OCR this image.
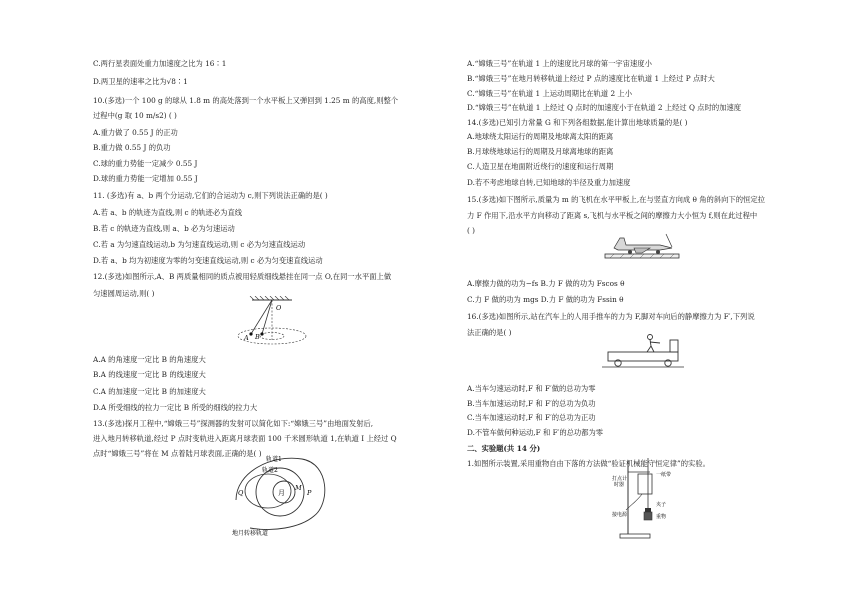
C.两行星表面处重力加速度之比为 16∶1
D.两卫星的速率之比为√8∶1
10.(多选)一个 100 g 的球从 1.8 m 的高处落到一个水平板上又弹回到 1.25 m 的高度,则整个
过程中(g 取 10 m/s2) ( )
A.重力做了 0.55 J 的正功
B.重力做 0.55 J 的负功
C.球的重力势能一定减少 0.55 J
D.球的重力势能一定增加 0.55 J
11. (多选)有 a、b 两个分运动,它们的合运动为 c,则下列说法正确的是( )
A.若 a、b 的轨迹为直线,则 c 的轨迹必为直线
B.若 c 的轨迹为直线,则 a、b 必为匀速运动
C.若 a 为匀速直线运动,b 为匀速直线运动,则 c 必为匀速直线运动
D.若 a、b 均为初速度为零的匀变速直线运动,则 c 必为匀变速直线运动
12.(多选)如图所示,A、B 两质量相同的质点被用轻质细线悬挂在同一点 O,在同一水平面上做
匀速圆周运动,则( )
A.A 的角速度一定比 B 的角速度大
B.A 的线速度一定比 B 的线速度大
C.A 的加速度一定比 B 的加速度大
D.A 所受细线的拉力一定比 B 所受的细线的拉力大
13.(多选)探月工程中,“嫦娥三号”探测器的发射可以简化如下:“嫦娥三号”由地面发射后,
进入地月转移轨道,经过 P 点时变轨进入距离月球表面 100 千米圆形轨道 1,在轨道 I 上经过 Q
点时“嫦娥三号”将在 M 点着陆月球表面,正确的是( )
O
A B
轨道1
轨道2
月
Q
M
P
地月转移轨道
A.“嫦娥三号”在轨道 1 上的速度比月球的第一宇宙速度小
B.“嫦娥三号”在地月转移轨道上经过 P 点的速度比在轨道 1 上经过 P 点时大
C.“嫦娥三号”在轨道 1 上运动周期比在轨道 2 上小
D.“嫦娥三号”在轨道 1 上经过 Q 点时的加速度小于在轨道 2 上经过 Q 点时的加速度
14.(多选)已知引力常量 G 和下列各组数据,能计算出地球质量的是( )
A.地球绕太阳运行的周期及地球离太阳的距离
B.月球绕地球运行的周期及月球离地球的距离
C.人造卫星在地面附近绕行的速度和运行周期
D.若不考虑地球自转,已知地球的半径及重力加速度
15.(多选)如下图所示,质量为 m 的飞机在水平甲板上,在与竖直方向成 θ 角的斜向下的恒定拉
力 F 作用下,沿水平方向移动了距离 s,飞机与水平板之间的摩擦力大小恒为 f,则在此过程中
( )
A.摩擦力做的功为−fs B.力 F 做的功为 Fscos θ
C.力 F 做的功为 mgs D.力 F 做的功为 Fssin θ
16.(多选)如图所示,站在汽车上的人用手推车的力为 F,脚对车向后的静摩擦力为 F′,下列说
法正确的是( )
A.当车匀速运动时,F 和 F′做的总功为零
B.当车加速运动时,F 和 F′的总功为负功
C.当车加速运动时,F 和 F′的总功为正功
D.不管车做何种运动,F 和 F′的总功都为零
二、实验题(共 14 分)
1.如图所示装置,采用重物自由下落的方法做“验证机械能守恒定律”的实验。
打点计
时器
一纸带
夹子
接电源	重物
